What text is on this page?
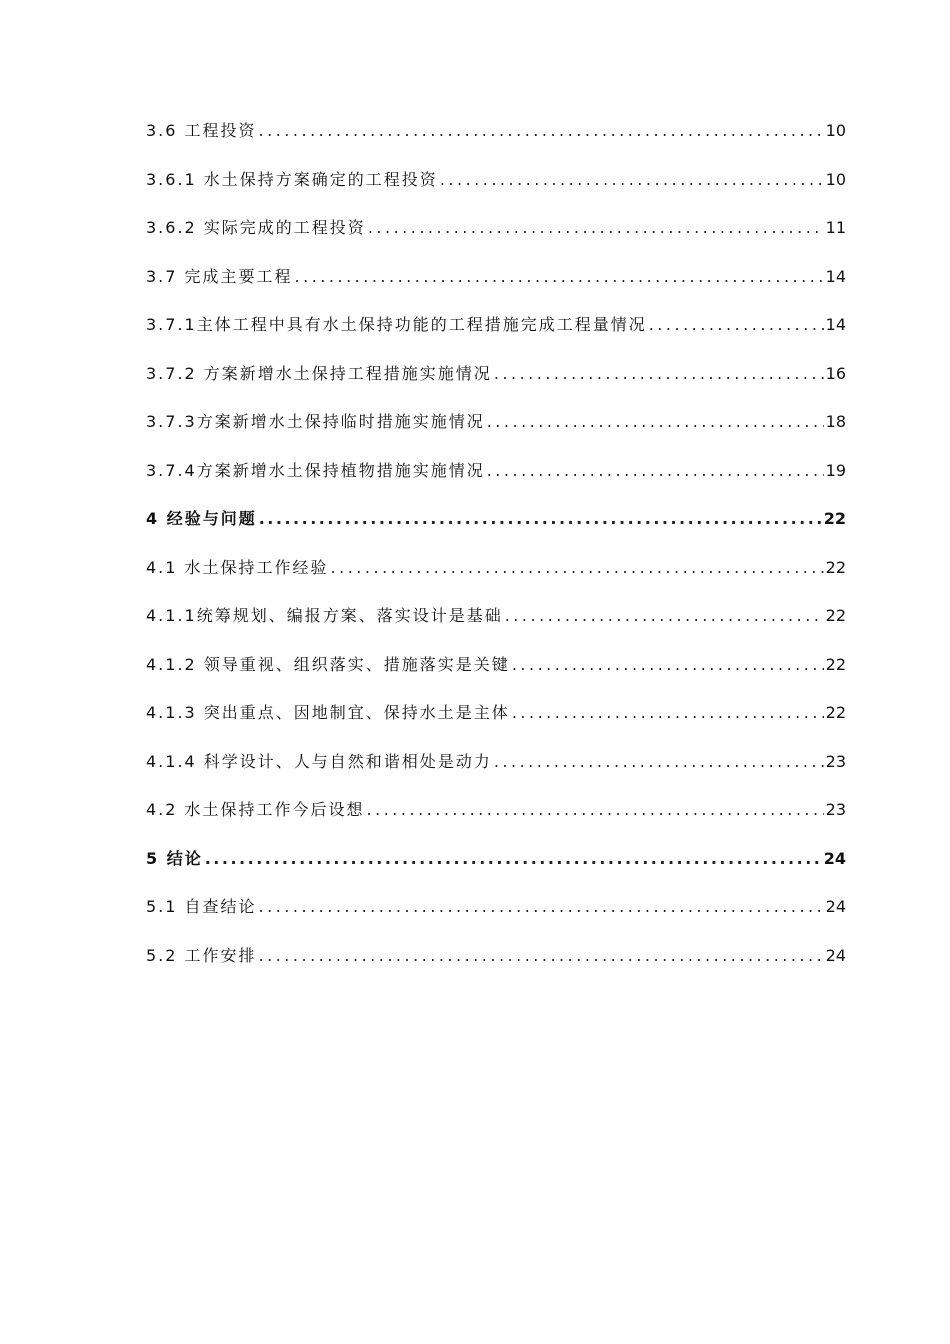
3.6 工程投资 .....	10
3.6.1 水土保持方案确定的工程投资 .....	10
3.6.2 实际完成的工程投资 .....	11
3.7 完成主要工程 .....	14
3.7.1主体工程中具有水土保持功能的工程措施完成工程量情况 .....	14
3.7.2 方案新增水土保持工程措施实施情况 .....	16
3.7.3方案新增水土保持临时措施实施情况 .....	18
3.7.4方案新增水土保持植物措施实施情况 .....	19
4 经验与问题 .....	22
4.1 水土保持工作经验 .....	22
4.1.1统筹规划、编报方案、落实设计是基础 .....	22
4.1.2 领导重视、组织落实、措施落实是关键 .....	22
4.1.3 突出重点、因地制宜、保持水土是主体 .....	22
4.1.4 科学设计、人与自然和谐相处是动力 .....	23
4.2 水土保持工作今后设想 .....	23
5 结论 .....	24
5.1 自查结论 .....	24
5.2 工作安排 .....	24
